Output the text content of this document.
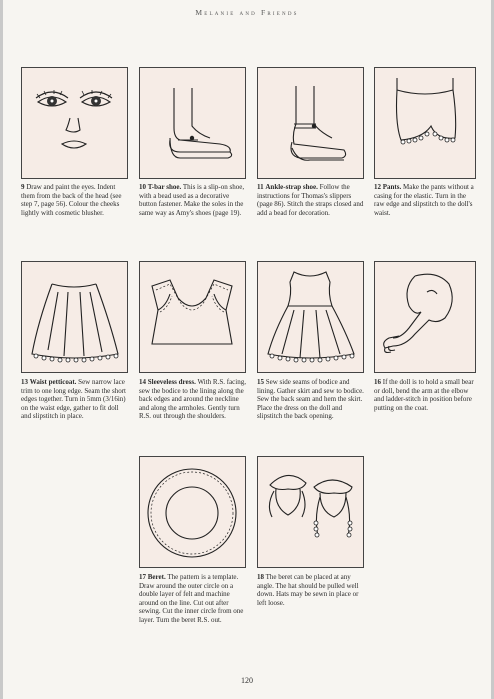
Melanie and Friends
9 Draw and paint the eyes. Indent them from the back of the head (see step 7, page 56). Colour the cheeks lightly with cosmetic blusher.
10 T-bar shoe. This is a slip-on shoe, with a bead used as a decorative button fastener. Make the soles in the same way as Amy's shoes (page 19).
11 Ankle-strap shoe. Follow the instructions for Thomas's slippers (page 86). Stitch the straps closed and add a bead for decoration.
12 Pants. Make the pants without a casing for the elastic. Turn in the raw edge and slipstitch to the doll's waist.
13 Waist petticoat. Sew narrow lace trim to one long edge. Seam the short edges together. Turn in 5mm (3/16in) on the waist edge, gather to fit doll and slipstitch in place.
14 Sleeveless dress. With R.S. facing, sew the bodice to the lining along the back edges and around the neckline and along the armholes. Gently turn R.S. out through the shoulders.
15 Sew side seams of bodice and lining. Gather skirt and sew to bodice. Sew the back seam and hem the skirt. Place the dress on the doll and slipstitch the back opening.
16 If the doll is to hold a small bear or doll, bend the arm at the elbow and ladder-stitch in position before putting on the coat.
17 Beret. The pattern is a template. Draw around the outer circle on a double layer of felt and machine around on the line. Cut out after sewing. Cut the inner circle from one layer. Turn the beret R.S. out.
18 The beret can be placed at any angle. The hat should be pulled well down. Hats may be sewn in place or left loose.
120
